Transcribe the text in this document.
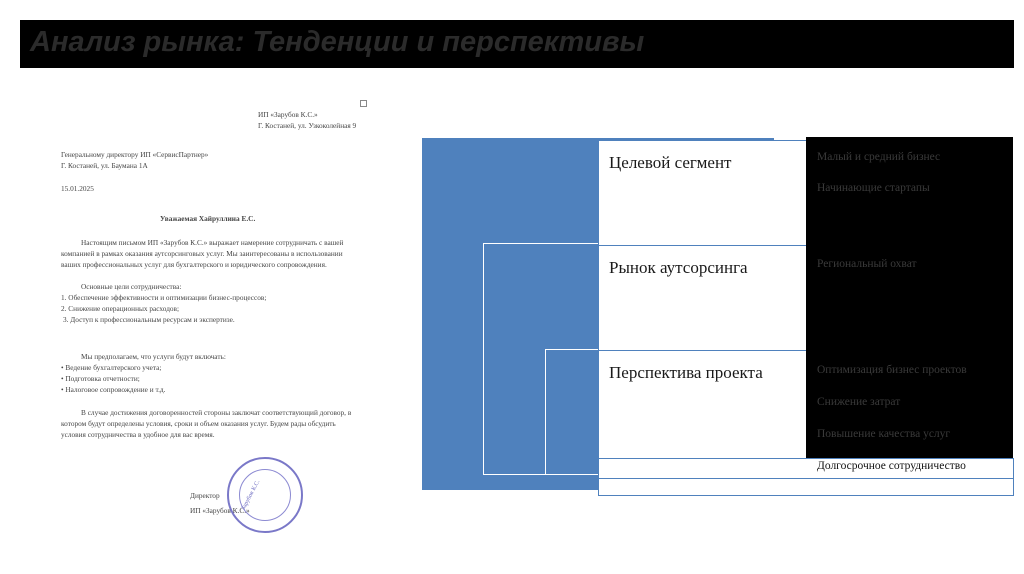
Анализ рынка: Тенденции и перспективы
ИП «Зарубов К.С.»
Г. Костаней, ул. Узкоколейная 9
Генеральному директору ИП «СервисПартнер»
Г. Костаней, ул. Баумана 1А
15.01.2025
Уважаемая Хайруллина Е.С.
Настоящим письмом ИП «Зарубов К.С.» выражает намерение сотрудничать с вашей
компанией в рамках оказания аутсорсинговых услуг. Мы заинтересованы в использовании
ваших профессиональных услуг для бухгалтерского и юридического сопровождения.
Основные цели сотрудничества:
1. Обеспечение эффективности и оптимизации бизнес-процессов;
2. Снижение операционных расходов;
3. Доступ к профессиональным ресурсам и экспертизе.
Мы предполагаем, что услуги будут включать:
• Ведение бухгалтерского учета;
• Подготовка отчетности;
• Налоговое сопровождение и т.д.
В случае достижения договоренностей стороны заключат соответствующий договор, в
котором будут определены условия, сроки и объем оказания услуг. Будем рады обсудить
условия сотрудничества в удобное для вас время.
Директор
ИП «Зарубов К.С.»
Зарубов К.С.
Целевой сегмент
Рынок аутсорсинга
Перспектива проекта
Малый и средний бизнес
Начинающие стартапы
Региональный охват
Оптимизация бизнес проектов
Снижение затрат
Повышение качества услуг
Долгосрочное сотрудничество
